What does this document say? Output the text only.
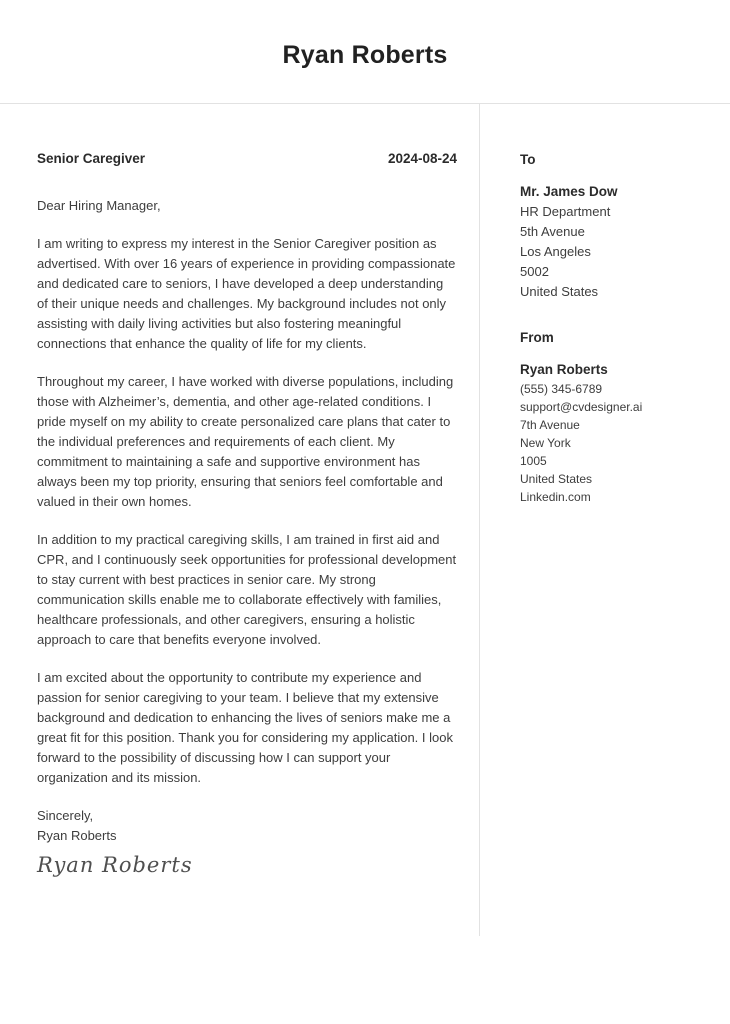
Ryan Roberts
Senior Caregiver	2024-08-24
Dear Hiring Manager,

I am writing to express my interest in the Senior Caregiver position as advertised. With over 16 years of experience in providing compassionate and dedicated care to seniors, I have developed a deep understanding of their unique needs and challenges. My background includes not only assisting with daily living activities but also fostering meaningful connections that enhance the quality of life for my clients.

Throughout my career, I have worked with diverse populations, including those with Alzheimer’s, dementia, and other age-related conditions. I pride myself on my ability to create personalized care plans that cater to the individual preferences and requirements of each client. My commitment to maintaining a safe and supportive environment has always been my top priority, ensuring that seniors feel comfortable and valued in their own homes.

In addition to my practical caregiving skills, I am trained in first aid and CPR, and I continuously seek opportunities for professional development to stay current with best practices in senior care. My strong communication skills enable me to collaborate effectively with families, healthcare professionals, and other caregivers, ensuring a holistic approach to care that benefits everyone involved.

I am excited about the opportunity to contribute my experience and passion for senior caregiving to your team. I believe that my extensive background and dedication to enhancing the lives of seniors make me a great fit for this position. Thank you for considering my application. I look forward to the possibility of discussing how I can support your organization and its mission.

Sincerely,
Ryan Roberts
Ryan Roberts
To
Mr. James Dow
HR Department
5th Avenue
Los Angeles
5002
United States
From
Ryan Roberts
(555) 345-6789
support@cvdesigner.ai
7th Avenue
New York
1005
United States
Linkedin.com
